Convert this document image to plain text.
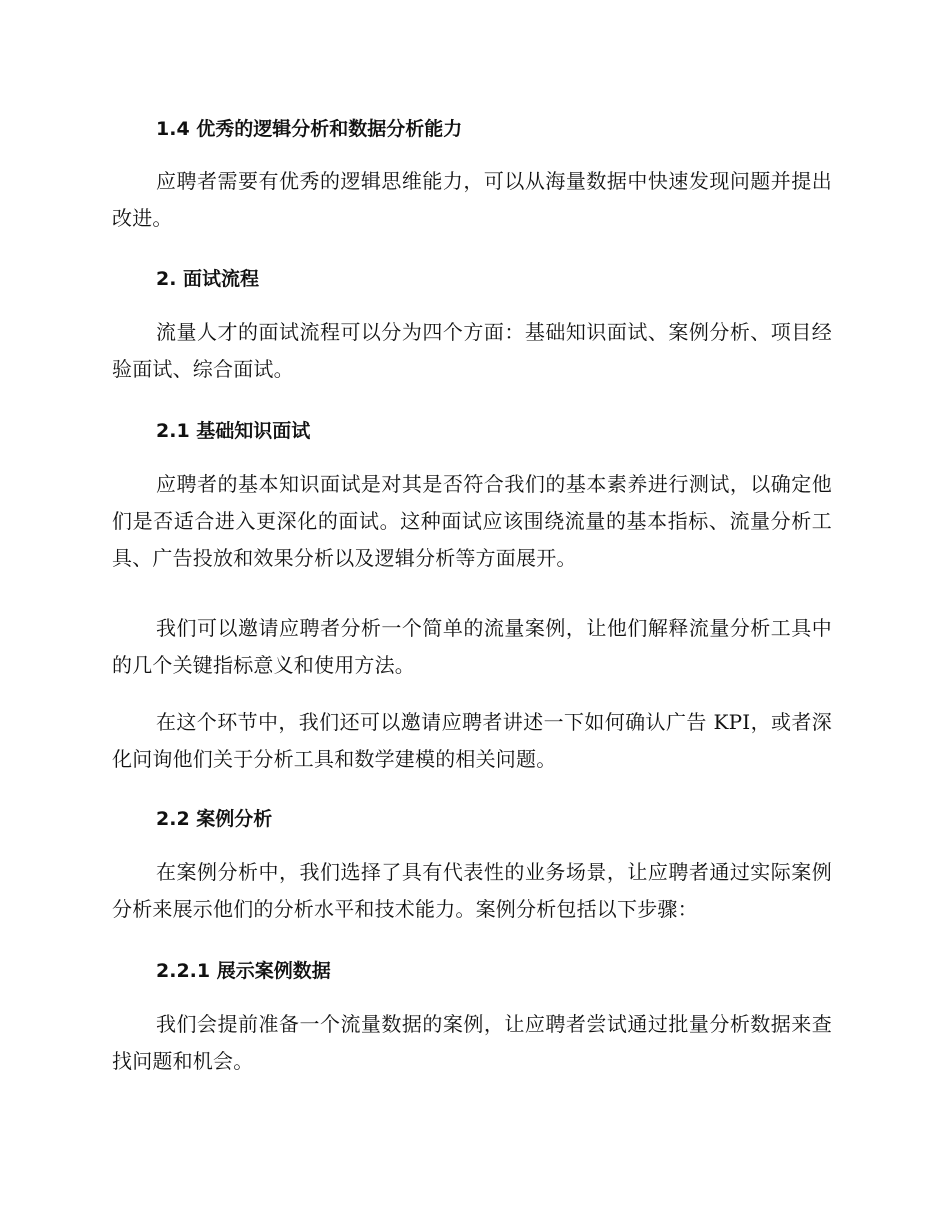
1.4 优秀的逻辑分析和数据分析能力

应聘者需要有优秀的逻辑思维能力，可以从海量数据中快速发现问题并提出改进。

2. 面试流程

流量人才的面试流程可以分为四个方面：基础知识面试、案例分析、项目经验面试、综合面试。

2.1 基础知识面试

应聘者的基本知识面试是对其是否符合我们的基本素养进行测试，以确定他们是否适合进入更深化的面试。这种面试应该围绕流量的基本指标、流量分析工具、广告投放和效果分析以及逻辑分析等方面展开。

我们可以邀请应聘者分析一个简单的流量案例，让他们解释流量分析工具中的几个关键指标意义和使用方法。

在这个环节中，我们还可以邀请应聘者讲述一下如何确认广告 KPI，或者深化问询他们关于分析工具和数学建模的相关问题。

2.2 案例分析

在案例分析中，我们选择了具有代表性的业务场景，让应聘者通过实际案例分析来展示他们的分析水平和技术能力。案例分析包括以下步骤：

2.2.1 展示案例数据

我们会提前准备一个流量数据的案例，让应聘者尝试通过批量分析数据来查找问题和机会。
